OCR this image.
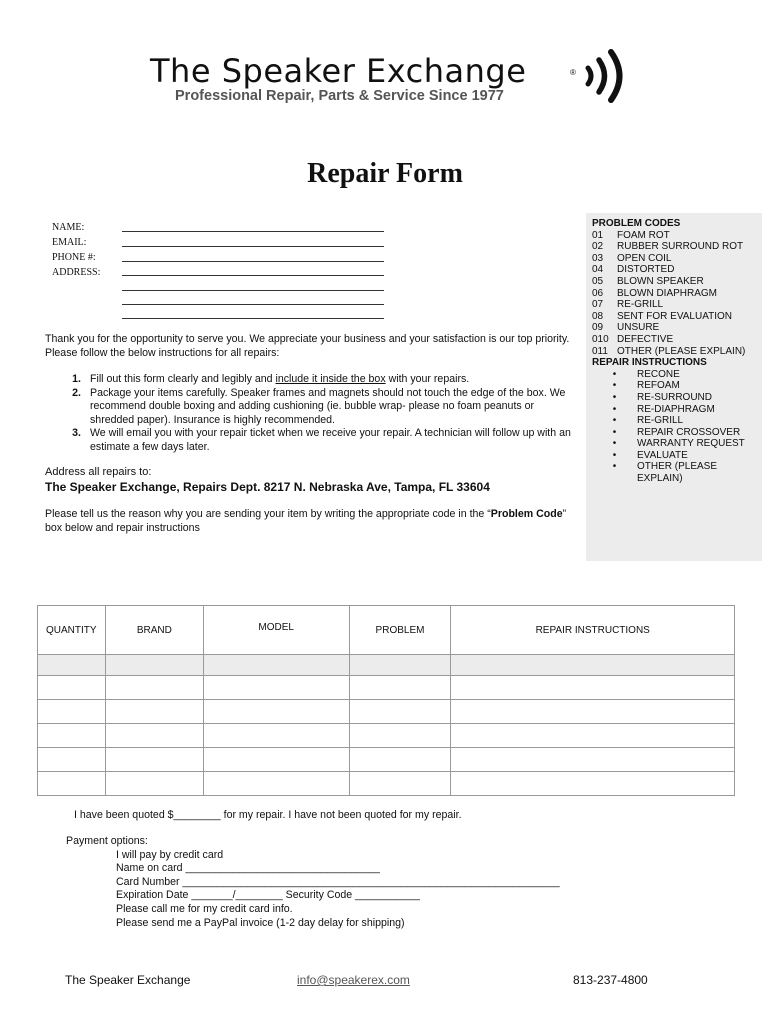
The Speaker Exchange	®
Professional Repair, Parts & Service Since 1977
Repair Form
NAME:
EMAIL:
PHONE #:
ADDRESS:
PROBLEM CODES
01	FOAM ROT
02	RUBBER SURROUND ROT
03	OPEN COIL
04	DISTORTED
05	BLOWN SPEAKER
06	BLOWN DIAPHRAGM
07	RE-GRILL
08	SENT FOR EVALUATION
09	UNSURE
010 DEFECTIVE
011 OTHER (PLEASE EXPLAIN)
REPAIR INSTRUCTIONS
•	RECONE
•	REFOAM
•	RE-SURROUND
•	RE-DIAPHRAGM
•	RE-GRILL
•	REPAIR CROSSOVER
•	WARRANTY REQUEST
•	EVALUATE
•	OTHER (PLEASE EXPLAIN)
Thank you for the opportunity to serve you. We appreciate your business and your satisfaction is our top priority.
Please follow the below instructions for all repairs:
1. Fill out this form clearly and legibly and include it inside the box with your repairs.
2. Package your items carefully. Speaker frames and magnets should not touch the edge of the box. We recommend double boxing and adding cushioning (ie. bubble wrap- please no foam peanuts or shredded paper). Insurance is highly recommended.
3. We will email you with your repair ticket when we receive your repair. A technician will follow up with an estimate a few days later.
Address all repairs to:
The Speaker Exchange, Repairs Dept. 8217 N. Nebraska Ave, Tampa, FL 33604
Please tell us the reason why you are sending your item by writing the appropriate code in the “Problem Code” box below and repair instructions
QUANTITY	BRAND	MODEL	PROBLEM	REPAIR INSTRUCTIONS

I have been quoted $________ for my repair. I have not been quoted for my repair.
Payment options:
I will pay by credit card
Name on card _________________________________
Card Number ________________________________________________________________
Expiration Date _______/________ Security Code ___________
Please call me for my credit card info.
Please send me a PayPal invoice (1-2 day delay for shipping)
The Speaker Exchange	info@speakerex.com	813-237-4800
